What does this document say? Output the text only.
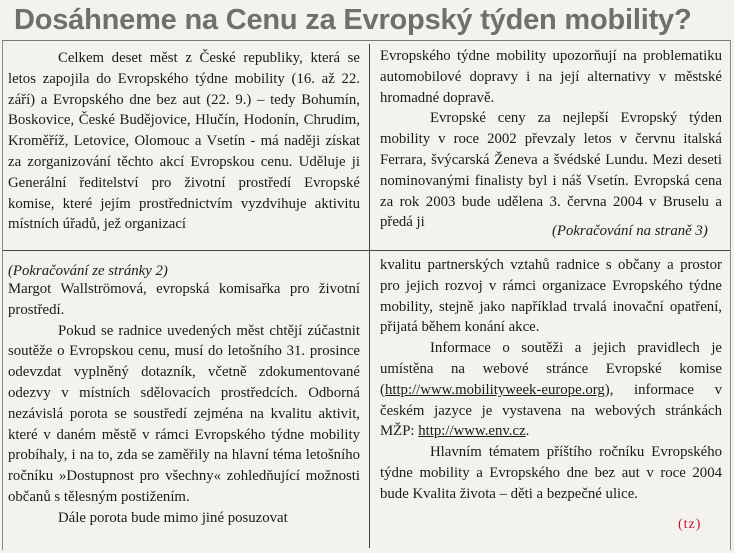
Dosáhneme na Cenu za Evropský týden mobility?

Celkem deset měst z České republiky, která se letos zapojila do Evropského týdne mobility (16. až 22. září) a Evropského dne bez aut (22. 9.) – tedy Bohumín, Boskovice, České Budějovice, Hlučín, Hodonín, Chrudim, Kroměříž, Letovice, Olomouc a Vsetín - má naději získat za zorganizování těchto akcí Evropskou cenu. Uděluje ji Generální ředitelství pro životní prostředí Evropské komise, které jejím prostřednictvím vyzdvihuje aktivitu místních úřadů, jež organizací

Evropského týdne mobility upozorňují na problematiku automobilové dopravy i na její alternativy v městské hromadné dopravě.

Evropské ceny za nejlepší Evropský týden mobility v roce 2002 převzaly letos v červnu italská Ferrara, švýcarská Ženeva a švédské Lundu. Mezi deseti nominovanými finalisty byl i náš Vsetín. Evropská cena za rok 2003 bude udělena 3. června 2004 v Bruselu a předá ji

(Pokračování na straně 3)
(Pokračování ze stránky 2)

Margot Wallströmová, evropská komisařka pro životní prostředí.

Pokud se radnice uvedených měst chtějí zúčastnit soutěže o Evropskou cenu, musí do letošního 31. prosince odevzdat vyplněný dotazník, včetně zdokumentované odezvy v místních sdělovacích prostředcích. Odborná nezávislá porota se soustředí zejména na kvalitu aktivit, které v daném městě v rámci Evropského týdne mobility probíhaly, i na to, zda se zaměřily na hlavní téma letošního ročníku »Dostupnost pro všechny« zohledňující možnosti občanů s tělesným postižením.

Dále porota bude mimo jiné posuzovat

kvalitu partnerských vztahů radnice s občany a prostor pro jejich rozvoj v rámci organizace Evropského týdne mobility, stejně jako například trvalá inovační opatření, přijatá během konání akce.

Informace o soutěži a jejich pravidlech je umístěna na webové stránce Evropské komise (http://www.mobilityweek-europe.org), informace v českém jazyce je vystavena na webových stránkách MŽP: http://www.env.cz.

Hlavním tématem příštího ročníku Evropského týdne mobility a Evropského dne bez aut v roce 2004 bude Kvalita života – děti a bezpečné ulice.

(tz)
